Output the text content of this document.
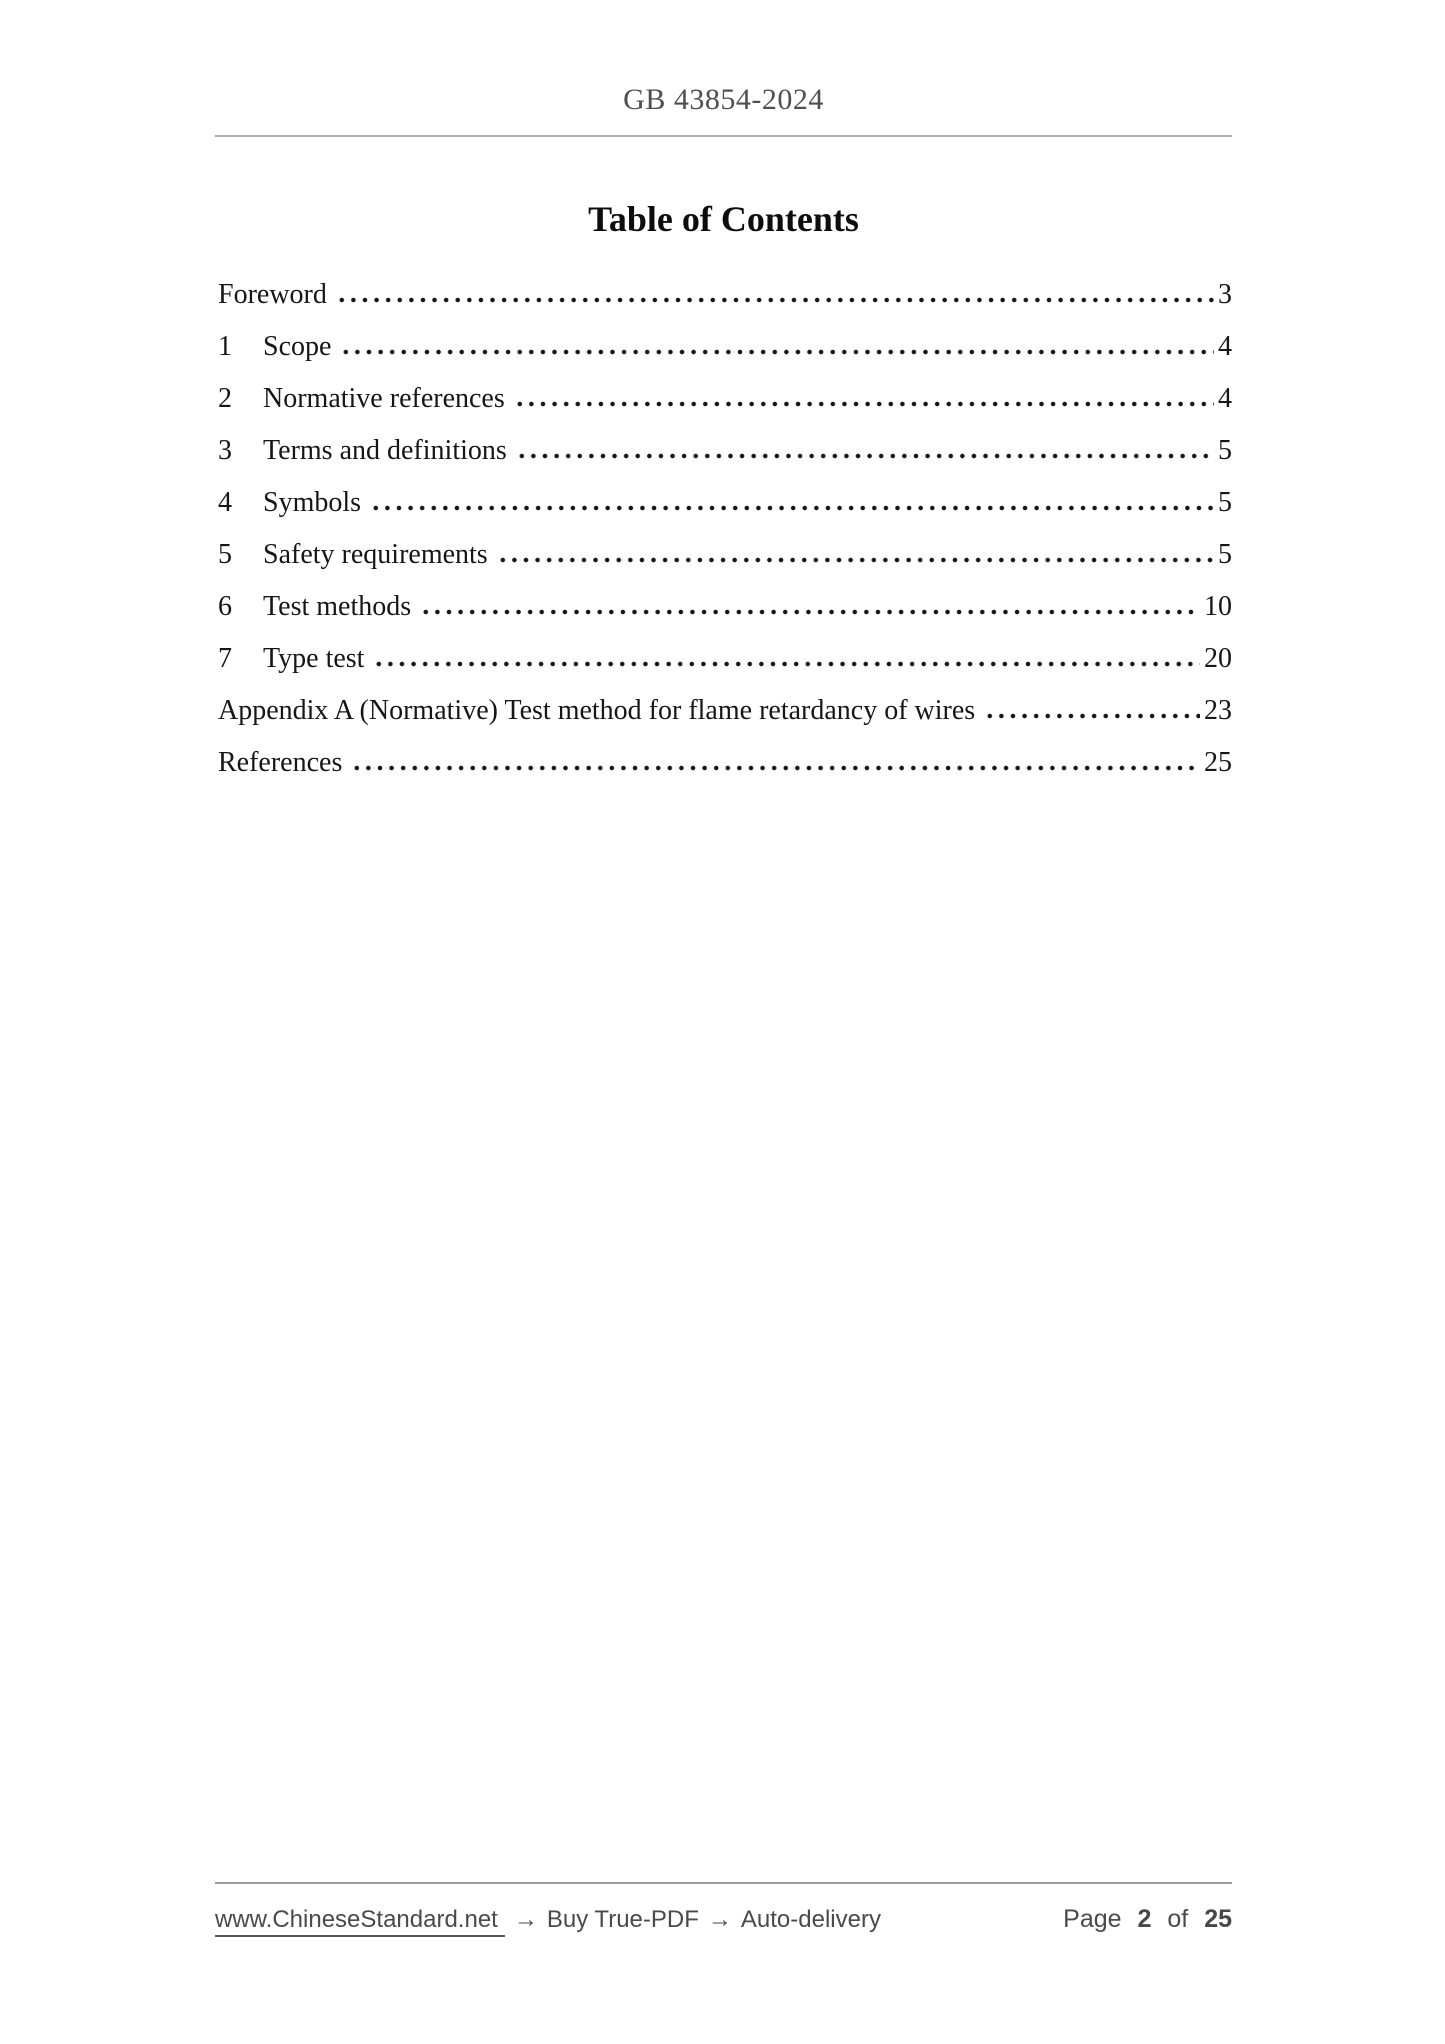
GB 43854-2024
Table of Contents
Foreword	3
1	Scope	4
2	Normative references	4
3	Terms and definitions	5
4	Symbols	5
5	Safety requirements	5
6	Test methods	10
7	Type test	20
Appendix A (Normative) Test method for flame retardancy of wires	23
References	25
www.ChineseStandard.net → Buy True-PDF → Auto-delivery	Page 2 of 25
